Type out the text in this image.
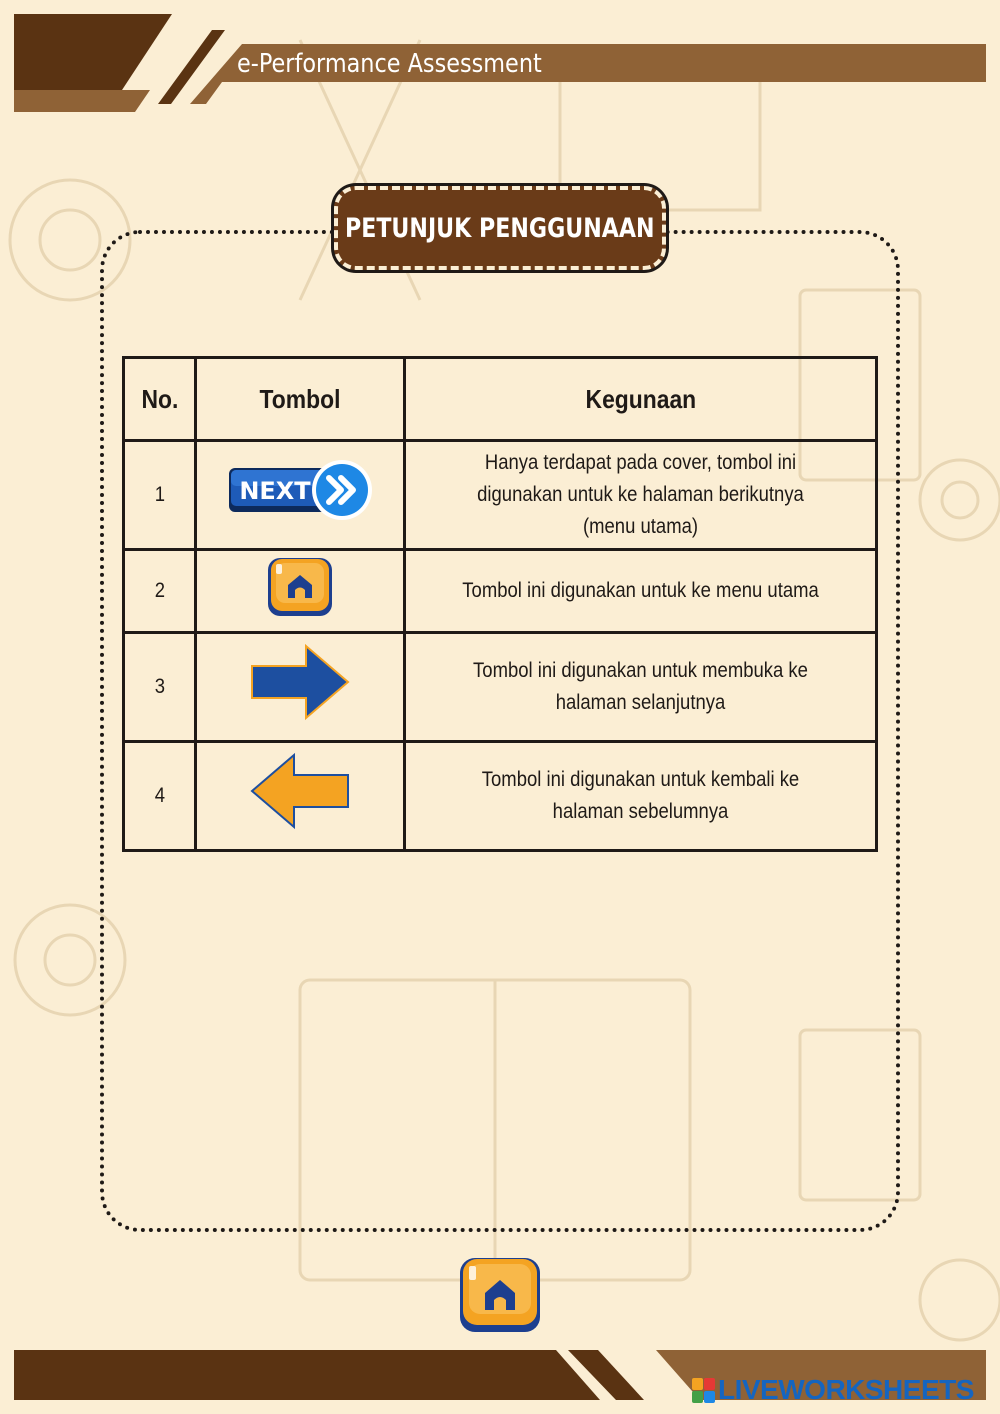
e-Performance Assessment
PETUNJUK PENGGUNAAN
No.	Tombol	Kegunaan
1	NEXT	Hanya terdapat pada cover, tombol ini digunakan untuk ke halaman berikutnya (menu utama)
2		Tombol ini digunakan untuk ke menu utama
3		Tombol ini digunakan untuk membuka ke halaman selanjutnya
4		Tombol ini digunakan untuk kembali ke halaman sebelumnya
LIVEWORKSHEETS
